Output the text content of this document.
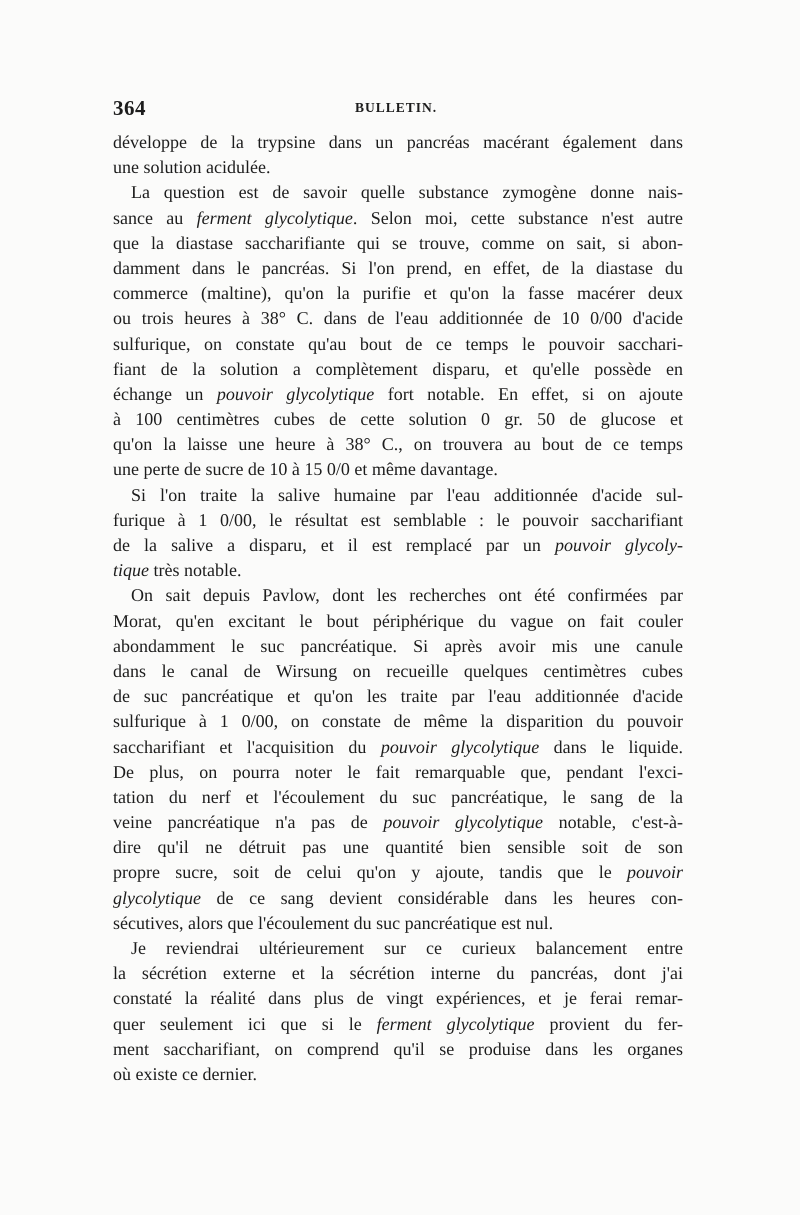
364	BULLETIN.
développe de la trypsine dans un pancréas macérant également dans
une solution acidulée.
La question est de savoir quelle substance zymogène donne nais-
sance au ferment glycolytique. Selon moi, cette substance n'est autre
que la diastase saccharifiante qui se trouve, comme on sait, si abon-
damment dans le pancréas. Si l'on prend, en effet, de la diastase du
commerce (maltine), qu'on la purifie et qu'on la fasse macérer deux
ou trois heures à 38° C. dans de l'eau additionnée de 10 0/00 d'acide
sulfurique, on constate qu'au bout de ce temps le pouvoir sacchari-
fiant de la solution a complètement disparu, et qu'elle possède en
échange un pouvoir glycolytique fort notable. En effet, si on ajoute
à 100 centimètres cubes de cette solution 0 gr. 50 de glucose et
qu'on la laisse une heure à 38° C., on trouvera au bout de ce temps
une perte de sucre de 10 à 15 0/0 et même davantage.
Si l'on traite la salive humaine par l'eau additionnée d'acide sul-
furique à 1 0/00, le résultat est semblable : le pouvoir saccharifiant
de la salive a disparu, et il est remplacé par un pouvoir glycoly-
tique très notable.
On sait depuis Pavlow, dont les recherches ont été confirmées par
Morat, qu'en excitant le bout périphérique du vague on fait couler
abondamment le suc pancréatique. Si après avoir mis une canule
dans le canal de Wirsung on recueille quelques centimètres cubes
de suc pancréatique et qu'on les traite par l'eau additionnée d'acide
sulfurique à 1 0/00, on constate de même la disparition du pouvoir
saccharifiant et l'acquisition du pouvoir glycolytique dans le liquide.
De plus, on pourra noter le fait remarquable que, pendant l'exci-
tation du nerf et l'écoulement du suc pancréatique, le sang de la
veine pancréatique n'a pas de pouvoir glycolytique notable, c'est-à-
dire qu'il ne détruit pas une quantité bien sensible soit de son
propre sucre, soit de celui qu'on y ajoute, tandis que le pouvoir
glycolytique de ce sang devient considérable dans les heures con-
sécutives, alors que l'écoulement du suc pancréatique est nul.
Je reviendrai ultérieurement sur ce curieux balancement entre
la sécrétion externe et la sécrétion interne du pancréas, dont j'ai
constaté la réalité dans plus de vingt expériences, et je ferai remar-
quer seulement ici que si le ferment glycolytique provient du fer-
ment saccharifiant, on comprend qu'il se produise dans les organes
où existe ce dernier.
